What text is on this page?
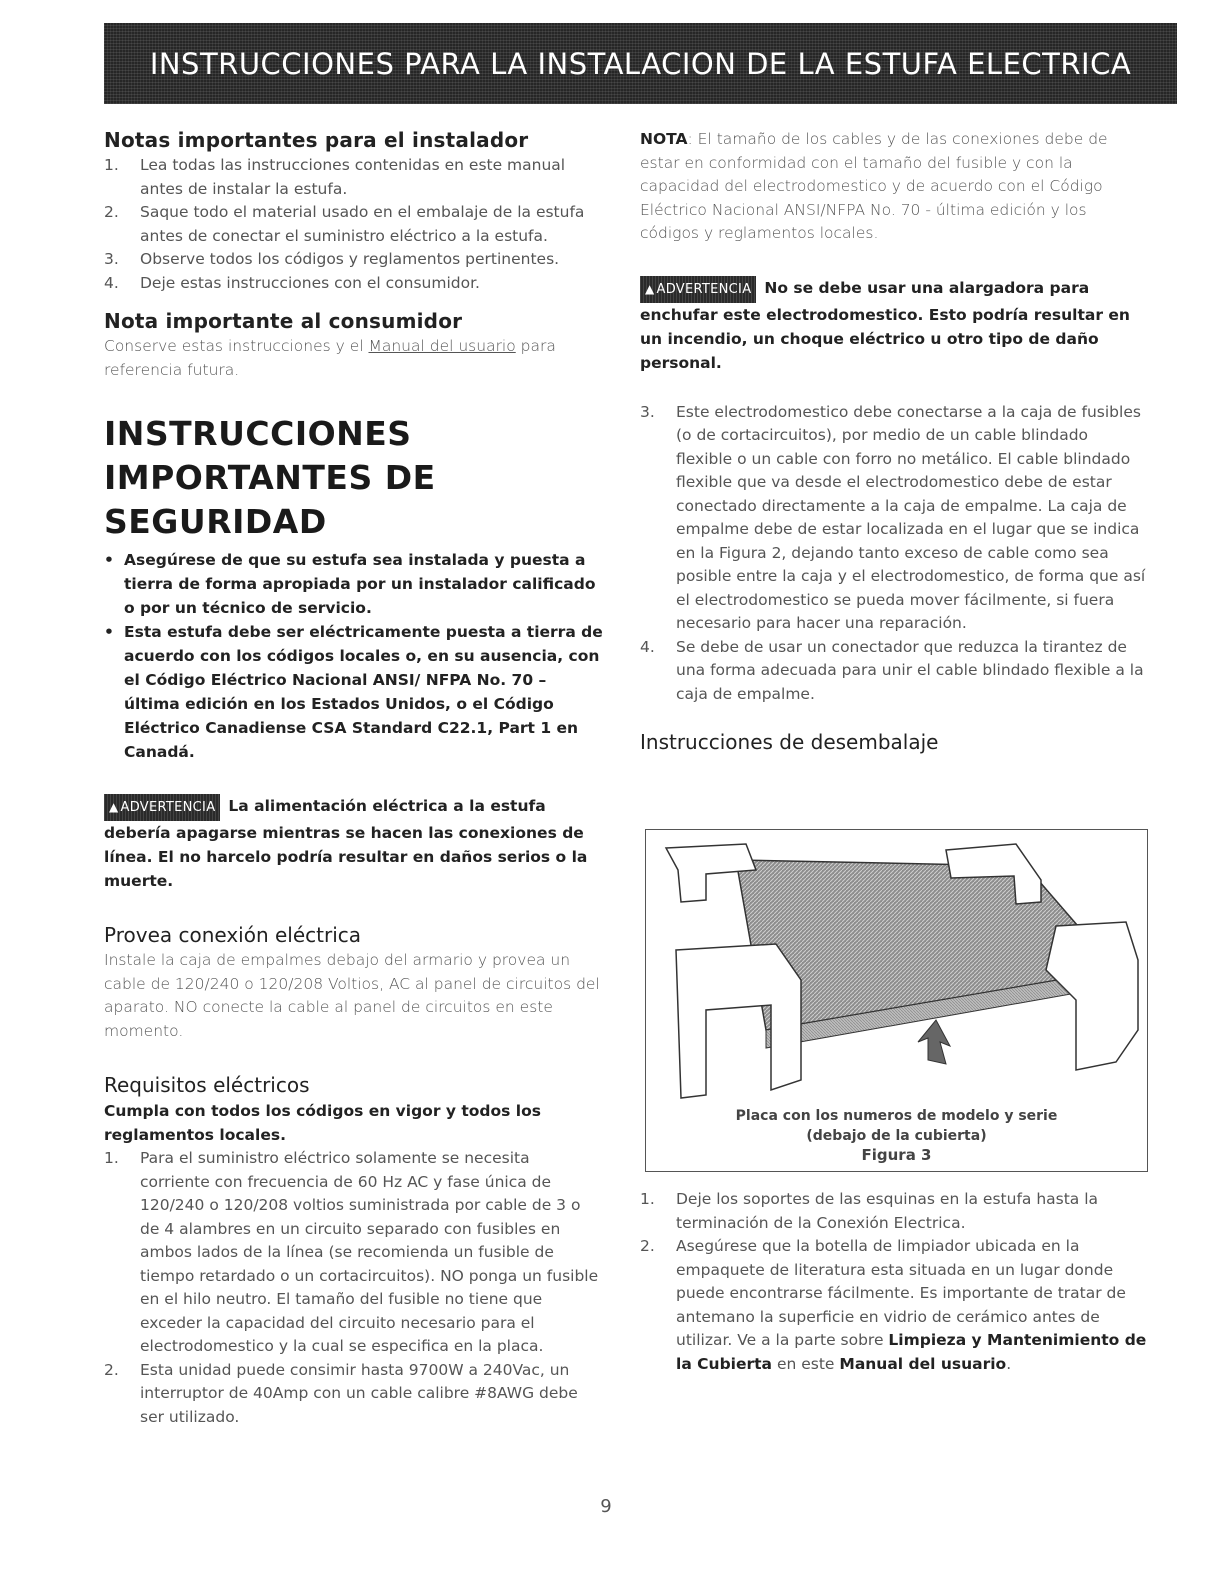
INSTRUCCIONES PARA LA INSTALACION DE LA ESTUFA ELECTRICA
Notas importantes para el instalador
1. Lea todas las instrucciones contenidas en este manual antes de instalar la estufa.
2. Saque todo el material usado en el embalaje de la estufa antes de conectar el suministro eléctrico a la estufa.
3. Observe todos los códigos y reglamentos pertinentes.
4. Deje estas instrucciones con el consumidor.
Nota importante al consumidor
Conserve estas instrucciones y el Manual del usuario para referencia futura.
INSTRUCCIONES
IMPORTANTES DE SEGURIDAD
• Asegúrese de que su estufa sea instalada y puesta a tierra de forma apropiada por un instalador calificado o por un técnico de servicio.
• Esta estufa debe ser eléctricamente puesta a tierra de acuerdo con los códigos locales o, en su ausencia, con el Código Eléctrico Nacional ANSI/ NFPA No. 70 – última edición en los Estados Unidos, o el Código Eléctrico Canadiense CSA Standard C22.1, Part 1 en Canadá.
▲ ADVERTENCIA La alimentación eléctrica a la estufa debería apagarse mientras se hacen las conexiones de línea. El no harcelo podría resultar en daños serios o la muerte.
Provea conexión eléctrica
Instale la caja de empalmes debajo del armario y provea un cable de 120/240 o 120/208 Voltios, AC al panel de circuitos del aparato. NO conecte la cable al panel de circuitos en este momento.
Requisitos eléctricos
Cumpla con todos los códigos en vigor y todos los reglamentos locales.
1. Para el suministro eléctrico solamente se necesita corriente con frecuencia de 60 Hz AC y fase única de 120/240 o 120/208 voltios suministrada por cable de 3 o de 4 alambres en un circuito separado con fusibles en ambos lados de la línea (se recomienda un fusible de tiempo retardado o un cortacircuitos). NO ponga un fusible en el hilo neutro. El tamaño del fusible no tiene que exceder la capacidad del circuito necesario para el electrodomestico y la cual se especifica en la placa.
2. Esta unidad puede consimir hasta 9700W a 240Vac, un interruptor de 40Amp con un cable calibre #8AWG debe ser utilizado.
NOTA: El tamaño de los cables y de las conexiones debe de estar en conformidad con el tamaño del fusible y con la capacidad del electrodomestico y de acuerdo con el Código Eléctrico Nacional ANSI/NFPA No. 70 - última edición y los códigos y reglamentos locales.
▲ ADVERTENCIA No se debe usar una alargadora para enchufar este electrodomestico. Esto podría resultar en un incendio, un choque eléctrico u otro tipo de daño personal.
3. Este electrodomestico debe conectarse a la caja de fusibles (o de cortacircuitos), por medio de un cable blindado flexible o un cable con forro no metálico. El cable blindado flexible que va desde el electrodomestico debe de estar conectado directamente a la caja de empalme. La caja de empalme debe de estar localizada en el lugar que se indica en la Figura 2, dejando tanto exceso de cable como sea posible entre la caja y el electrodomestico, de forma que así el electrodomestico se pueda mover fácilmente, si fuera necesario para hacer una reparación.
4. Se debe de usar un conectador que reduzca la tirantez de una forma adecuada para unir el cable blindado flexible a la caja de empalme.
Instrucciones de desembalaje
Placa con los numeros de modelo y serie
(debajo de la cubierta)
Figura 3
1. Deje los soportes de las esquinas en la estufa hasta la terminación de la Conexión Electrica.
2. Asegúrese que la botella de limpiador ubicada en la empaquete de literatura esta situada en un lugar donde puede encontrarse fácilmente. Es importante de tratar de antemano la superficie en vidrio de cerámico antes de utilizar. Ve a la parte sobre Limpieza y Mantenimiento de la Cubierta en este Manual del usuario.
9
